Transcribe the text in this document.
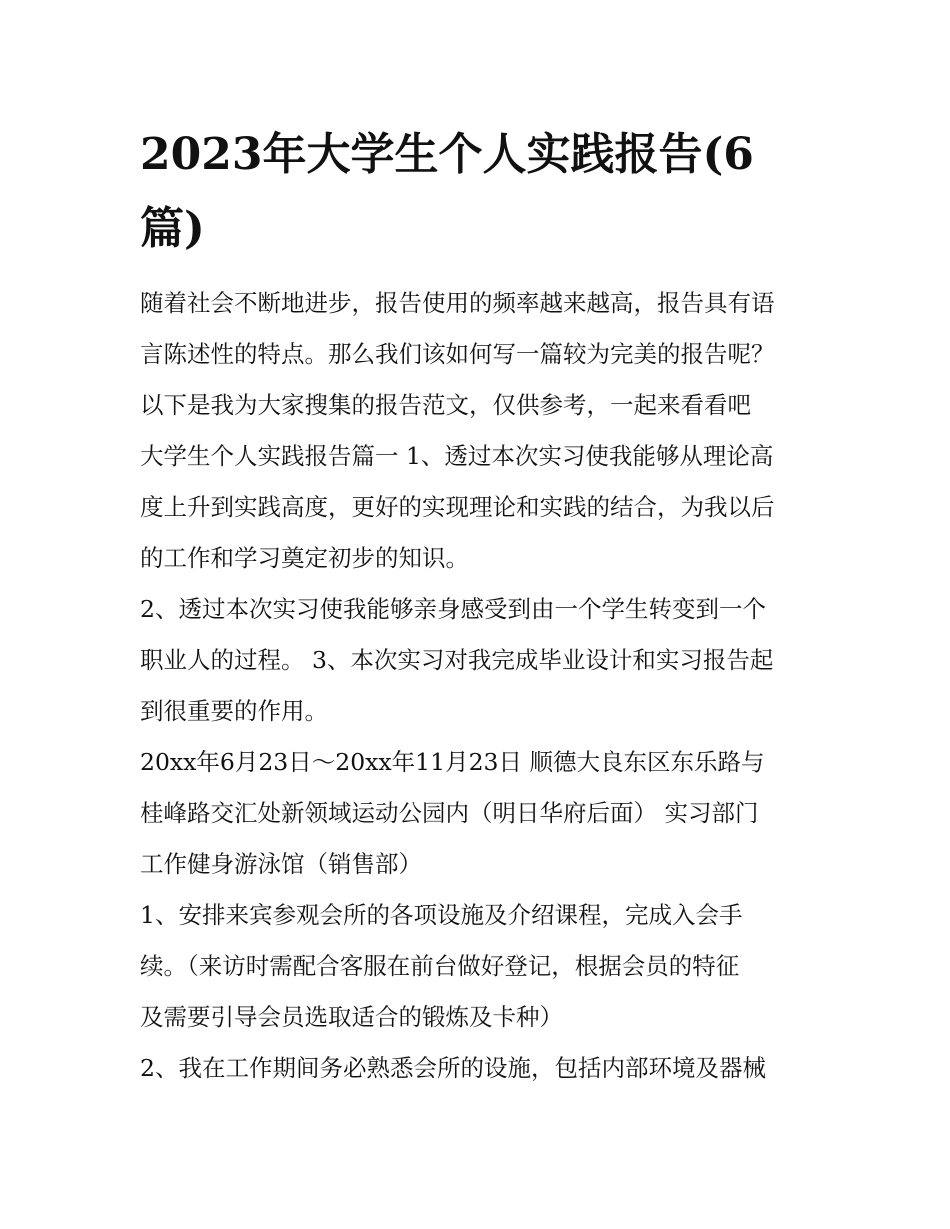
2023年大学生个人实践报告(6
篇)
随着社会不断地进步，报告使用的频率越来越高，报告具有语
言陈述性的特点。那么我们该如何写一篇较为完美的报告呢？
以下是我为大家搜集的报告范文，仅供参考，一起来看看吧
大学生个人实践报告篇一 1、透过本次实习使我能够从理论高
度上升到实践高度，更好的实现理论和实践的结合，为我以后
的工作和学习奠定初步的知识。
2、透过本次实习使我能够亲身感受到由一个学生转变到一个
职业人的过程。 3、本次实习对我完成毕业设计和实习报告起
到很重要的作用。
20xx年6月23日～20xx年11月23日 顺德大良东区东乐路与
桂峰路交汇处新领域运动公园内（明日华府后面） 实习部门
工作健身游泳馆（销售部）
1、安排来宾参观会所的各项设施及介绍课程，完成入会手
续。（来访时需配合客服在前台做好登记，根据会员的特征
及需要引导会员选取适合的锻炼及卡种）
2、我在工作期间务必熟悉会所的设施，包括内部环境及器械
